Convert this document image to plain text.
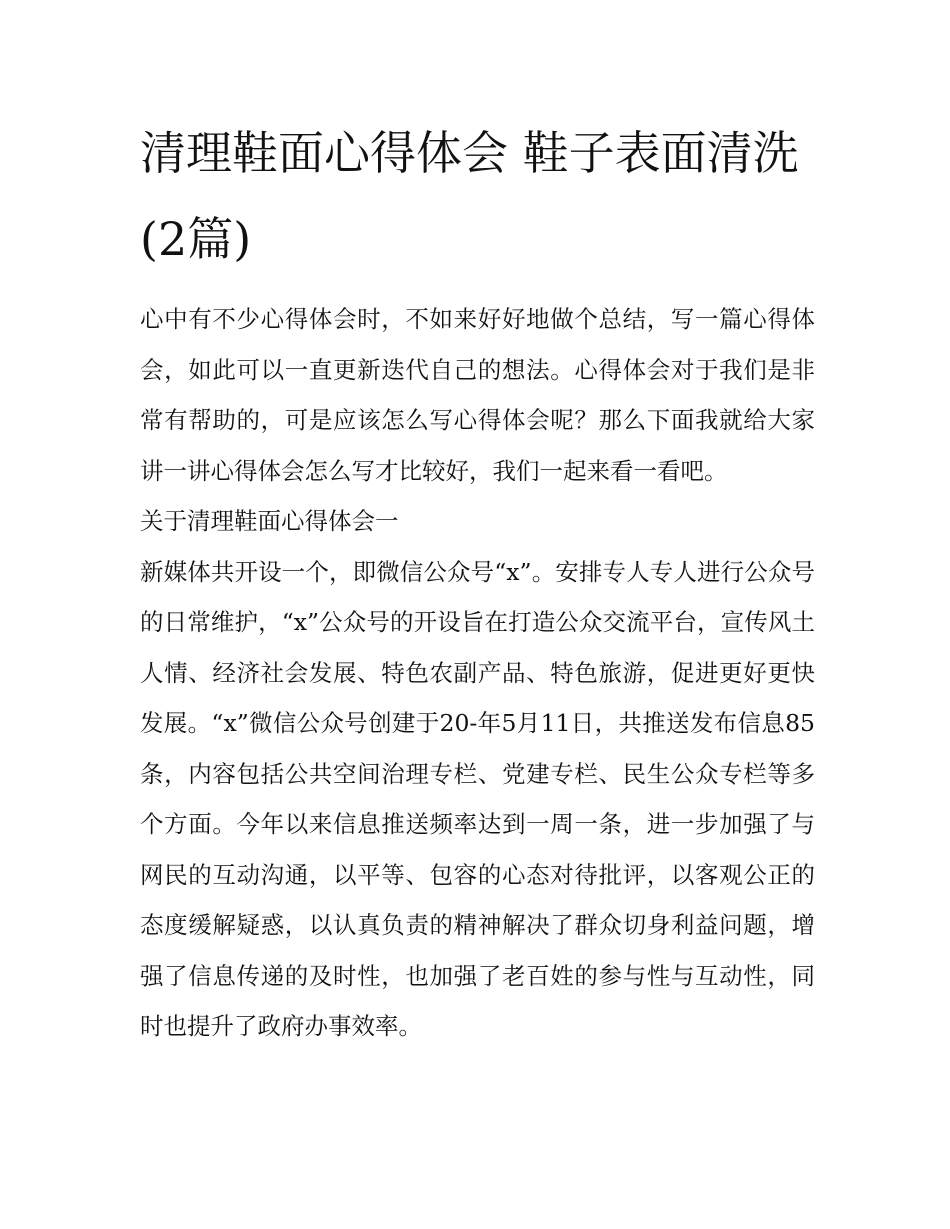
清理鞋面心得体会 鞋子表面清洗(2篇)

心中有不少心得体会时，不如来好好地做个总结，写一篇心得体会，如此可以一直更新迭代自己的想法。心得体会对于我们是非常有帮助的，可是应该怎么写心得体会呢？那么下面我就给大家讲一讲心得体会怎么写才比较好，我们一起来看一看吧。

关于清理鞋面心得体会一

新媒体共开设一个，即微信公众号“x”。安排专人专人进行公众号的日常维护，“x”公众号的开设旨在打造公众交流平台，宣传风土人情、经济社会发展、特色农副产品、特色旅游，促进更好更快发展。“x”微信公众号创建于20-年5月11日，共推送发布信息85条，内容包括公共空间治理专栏、党建专栏、民生公众专栏等多个方面。今年以来信息推送频率达到一周一条，进一步加强了与网民的互动沟通，以平等、包容的心态对待批评，以客观公正的态度缓解疑惑，以认真负责的精神解决了群众切身利益问题，增强了信息传递的及时性，也加强了老百姓的参与性与互动性，同时也提升了政府办事效率。
